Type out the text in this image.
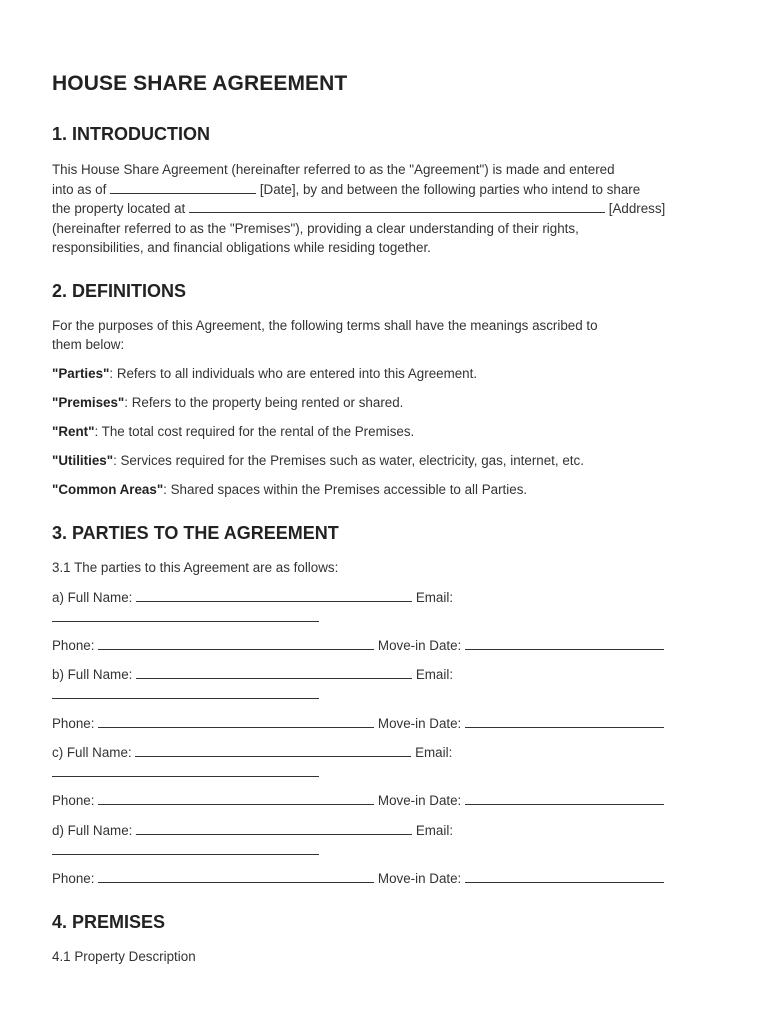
HOUSE SHARE AGREEMENT
1. INTRODUCTION

This House Share Agreement (hereinafter referred to as the "Agreement") is made and entered

into as of	[Date], by and between the following parties who intend to share

the property located at	[Address]

(hereinafter referred to as the "Premises"), providing a clear understanding of their rights,

responsibilities, and financial obligations while residing together.

2. DEFINITIONS

For the purposes of this Agreement, the following terms shall have the meanings ascribed to

them below:

"Parties": Refers to all individuals who are entered into this Agreement.

"Premises": Refers to the property being rented or shared.

"Rent": The total cost required for the rental of the Premises.

"Utilities": Services required for the Premises such as water, electricity, gas, internet, etc.

"Common Areas": Shared spaces within the Premises accessible to all Parties.

3. PARTIES TO THE AGREEMENT

3.1 The parties to this Agreement are as follows:

a) Full Name:	Email:

Phone:	Move-in Date:

b) Full Name:	Email:

Phone:	Move-in Date:

c) Full Name:	Email:

Phone:	Move-in Date:

d) Full Name:	Email:

Phone:	Move-in Date:

4. PREMISES

4.1 Property Description
